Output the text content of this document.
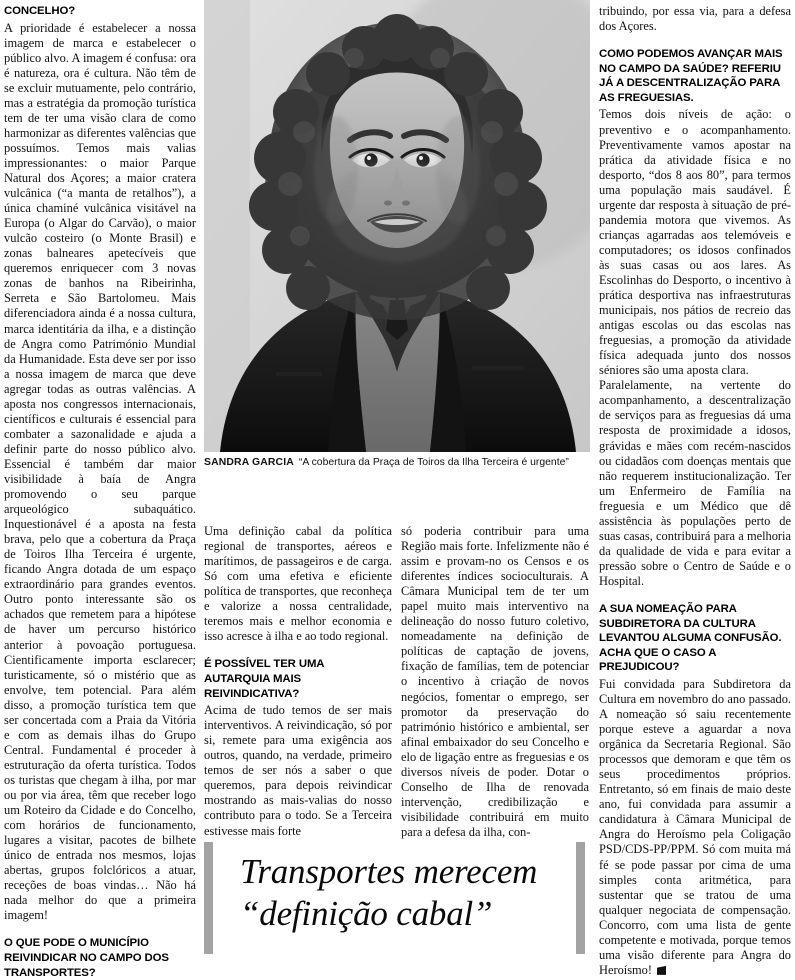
CONCELHO?

A prioridade é estabelecer a nossa imagem de marca e estabelecer o público alvo. A imagem é confusa: ora é natureza, ora é cultura. Não têm de se excluir mutuamente, pelo contrário, mas a estratégia da promoção turística tem de ter uma visão clara de como harmonizar as diferentes valências que possuímos. Temos mais valias impressionantes: o maior Parque Natural dos Açores; a maior cratera vulcânica (“a manta de retalhos”), a única chaminé vulcânica visitável na Europa (o Algar do Carvão), o maior vulcão costeiro (o Monte Brasil) e zonas balneares apetecíveis que queremos enriquecer com 3 novas zonas de banhos na Ribeirinha, Serreta e São Bartolomeu. Mais diferenciadora ainda é a nossa cultura, marca identitária da ilha, e a distinção de Angra como Património Mundial da Humanidade. Esta deve ser por isso a nossa imagem de marca que deve agregar todas as outras valências. A aposta nos congressos internacionais, científicos e culturais é essencial para combater a sazonalidade e ajuda a definir parte do nosso público alvo. Essencial é também dar maior visibilidade à baía de Angra promovendo o seu parque arqueológico subaquático. Inquestionável é a aposta na festa brava, pelo que a cobertura da Praça de Toiros Ilha Terceira é urgente, ficando Angra dotada de um espaço extraordinário para grandes eventos. Outro ponto interessante são os achados que remetem para a hipótese de haver um percurso histórico anterior à povoação portuguesa. Cientificamente importa esclarecer; turisticamente, só o mistério que as envolve, tem potencial. Para além disso, a promoção turística tem que ser concertada com a Praia da Vitória e com as demais ilhas do Grupo Central. Fundamental é proceder à estruturação da oferta turística. Todos os turistas que chegam à ilha, por mar ou por via área, têm que receber logo um Roteiro da Cidade e do Concelho, com horários de funcionamento, lugares a visitar, pacotes de bilhete único de entrada nos mesmos, lojas abertas, grupos folclóricos a atuar, receções de boas vindas… Não há nada melhor do que a primeira imagem!

O QUE PODE O MUNICÍPIO REIVINDICAR NO CAMPO DOS TRANSPORTES?
SANDRA GARCIA “A cobertura da Praça de Toiros da Ilha Terceira é urgente”

Uma definição cabal da política regional de transportes, aéreos e marítimos, de passageiros e de carga. Só com uma efetiva e eficiente política de transportes, que reconheça e valorize a nossa centralidade, teremos mais e melhor economia e isso acresce à ilha e ao todo regional.

É POSSÍVEL TER UMA AUTARQUIA MAIS REIVINDICATIVA?

Acima de tudo temos de ser mais interventivos. A reivindicação, só por si, remete para uma exigência aos outros, quando, na verdade, primeiro temos de ser nós a saber o que queremos, para depois reivindicar mostrando as mais-valias do nosso contributo para o todo. Se a Terceira estivesse mais forte

só poderia contribuir para uma Região mais forte. Infelizmente não é assim e provam-no os Censos e os diferentes índices socioculturais. A Câmara Municipal tem de ter um papel muito mais interventivo na delineação do nosso futuro coletivo, nomeadamente na definição de políticas de captação de jovens, fixação de famílias, tem de potenciar o incentivo à criação de novos negócios, fomentar o emprego, ser promotor da preservação do património histórico e ambiental, ser afinal embaixador do seu Concelho e elo de ligação entre as freguesias e os diversos níveis de poder. Dotar o Conselho de Ilha de renovada intervenção, credibilização e visibilidade contribuirá em muito para a defesa da ilha, con-

Transportes merecem
“definição cabal”

tribuindo, por essa via, para a defesa dos Açores.

COMO PODEMOS AVANÇAR MAIS NO CAMPO DA SAÚDE? REFERIU JÁ A DESCENTRALIZAÇÃO PARA AS FREGUESIAS.

Temos dois níveis de ação: o preventivo e o acompanhamento. Preventivamente vamos apostar na prática da atividade física e no desporto, “dos 8 aos 80”, para termos uma população mais saudável. É urgente dar resposta à situação de pré-pandemia motora que vivemos. As crianças agarradas aos telemóveis e computadores; os idosos confinados às suas casas ou aos lares. As Escolinhas do Desporto, o incentivo à prática desportiva nas infraestruturas municipais, nos pátios de recreio das antigas escolas ou das escolas nas freguesias, a promoção da atividade física adequada junto dos nossos séniores são uma aposta clara.

Paralelamente, na vertente do acompanhamento, a descentralização de serviços para as freguesias dá uma resposta de proximidade a idosos, grávidas e mães com recém-nascidos ou cidadãos com doenças mentais que não requerem institucionalização. Ter um Enfermeiro de Família na freguesia e um Médico que dê assistência às populações perto de suas casas, contribuirá para a melhoria da qualidade de vida e para evitar a pressão sobre o Centro de Saúde e o Hospital.

A SUA NOMEAÇÃO PARA SUBDIRETORA DA CULTURA LEVANTOU ALGUMA CONFUSÃO. ACHA QUE O CASO A PREJUDICOU?

Fui convidada para Subdiretora da Cultura em novembro do ano passado. A nomeação só saiu recentemente porque esteve a aguardar a nova orgânica da Secretaria Regional. São processos que demoram e que têm os seus procedimentos próprios. Entretanto, só em finais de maio deste ano, fui convidada para assumir a candidatura à Câmara Municipal de Angra do Heroísmo pela Coligação PSD/CDS-PP/PPM. Só com muita má fé se pode passar por cima de uma simples conta aritmética, para sustentar que se tratou de uma qualquer negociata de compensação. Concorro, com uma lista de gente competente e motivada, porque temos uma visão diferente para Angra do Heroísmo!
